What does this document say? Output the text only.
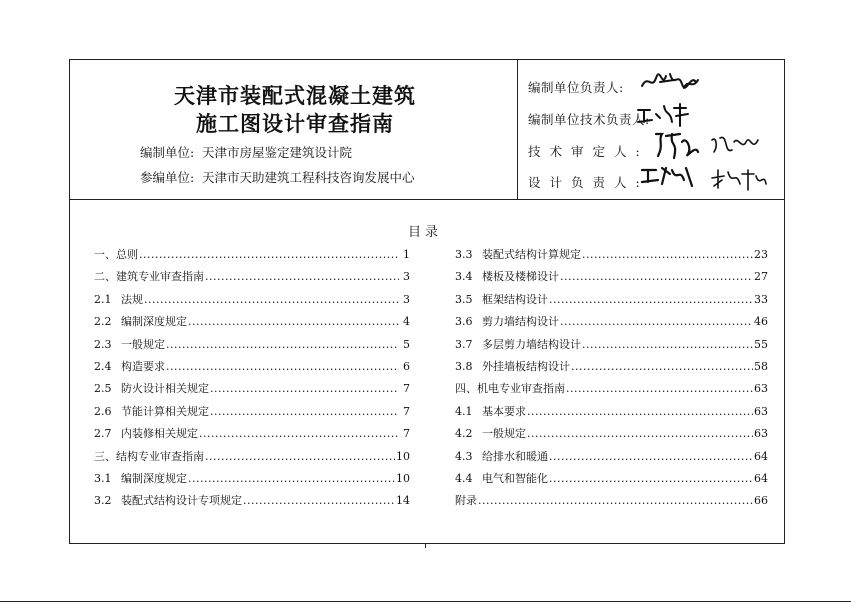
天津市装配式混凝土建筑
施工图设计审查指南
编制单位: 天津市房屋鉴定建筑设计院
参编单位: 天津市天助建筑工程科技咨询发展中心
编制单位负责人:
编制单位技术负责人:
技术审定人:
设计负责人:
目录
一、总则 .....	1
二、建筑专业审查指南 .....	3
2.1 法规 .....	3
2.2 编制深度规定 .....	4
2.3 一般规定 .....	5
2.4 构造要求 .....	6
2.5 防火设计相关规定 .....	7
2.6 节能计算相关规定 .....	7
2.7 内装修相关规定 .....	7
三、结构专业审查指南 .....	10
3.1 编制深度规定 .....	10
3.2 装配式结构设计专项规定 .....	14
3.3 装配式结构计算规定 .....	23
3.4 楼板及楼梯设计 .....	27
3.5 框架结构设计 .....	33
3.6 剪力墙结构设计 .....	46
3.7 多层剪力墙结构设计 .....	55
3.8 外挂墙板结构设计 .....	58
四、机电专业审查指南 .....	63
4.1 基本要求 .....	63
4.2 一般规定 .....	63
4.3 给排水和暖通 .....	64
4.4 电气和智能化 .....	64
附录 .....	66
